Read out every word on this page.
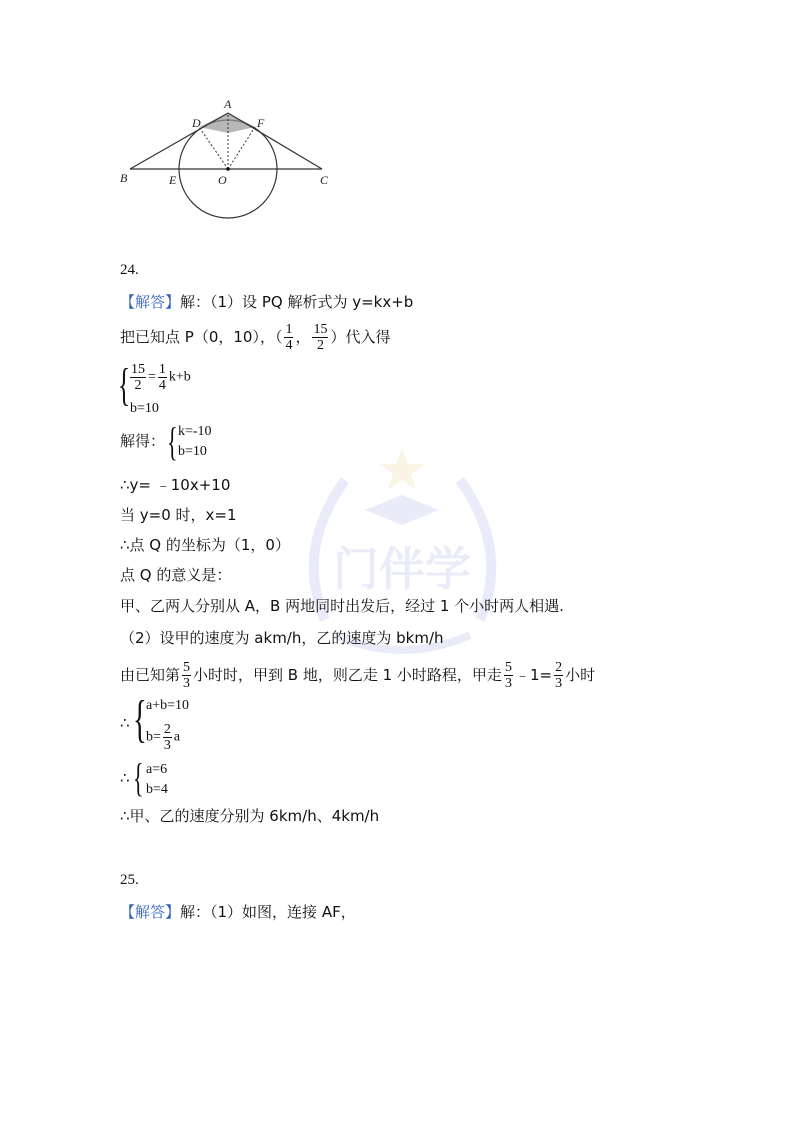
A
D	F
B	E	O	C
门伴学
24.
【解答】解：（1）设 PQ 解析式为 y=kx+b
把已知点 P（0，10），（ $\frac{1}{4}$ ， $\frac{15}{2}$ ）代入得
{ $\frac{15}{2} = \frac{1}{4} k+b$
b=10
解得： { k=-10
b=10
∴y= ﹣10x+10
当 y=0 时，x=1
∴点 Q 的坐标为（1，0）
点 Q 的意义是：
甲、乙两人分别从 A，B 两地同时出发后，经过 1 个小时两人相遇.
（2）设甲的速度为 akm/h，乙的速度为 bkm/h
由已知第 $\frac{5}{3}$ 小时时，甲到 B 地，则乙走 1 小时路程，甲走 $\frac{5}{3}$ ﹣1= $\frac{2}{3}$ 小时
∴ { a+b=10
$b= \frac{2}{3}$ a
∴ { a=6
b=4
∴甲、乙的速度分别为 6km/h、4km/h
25.
【解答】解：（1）如图，连接 AF，
